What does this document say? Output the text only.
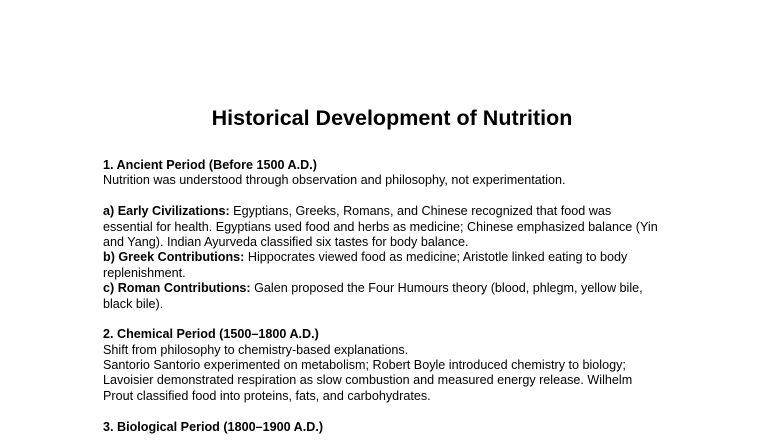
Historical Development of Nutrition
1. Ancient Period (Before 1500 A.D.)
Nutrition was understood through observation and philosophy, not experimentation.
a) Early Civilizations: Egyptians, Greeks, Romans, and Chinese recognized that food was
essential for health. Egyptians used food and herbs as medicine; Chinese emphasized balance (Yin
and Yang). Indian Ayurveda classified six tastes for body balance.
b) Greek Contributions: Hippocrates viewed food as medicine; Aristotle linked eating to body
replenishment.
c) Roman Contributions: Galen proposed the Four Humours theory (blood, phlegm, yellow bile,
black bile).
2. Chemical Period (1500–1800 A.D.)
Shift from philosophy to chemistry-based explanations.
Santorio Santorio experimented on metabolism; Robert Boyle introduced chemistry to biology;
Lavoisier demonstrated respiration as slow combustion and measured energy release. Wilhelm
Prout classified food into proteins, fats, and carbohydrates.
3. Biological Period (1800–1900 A.D.)
